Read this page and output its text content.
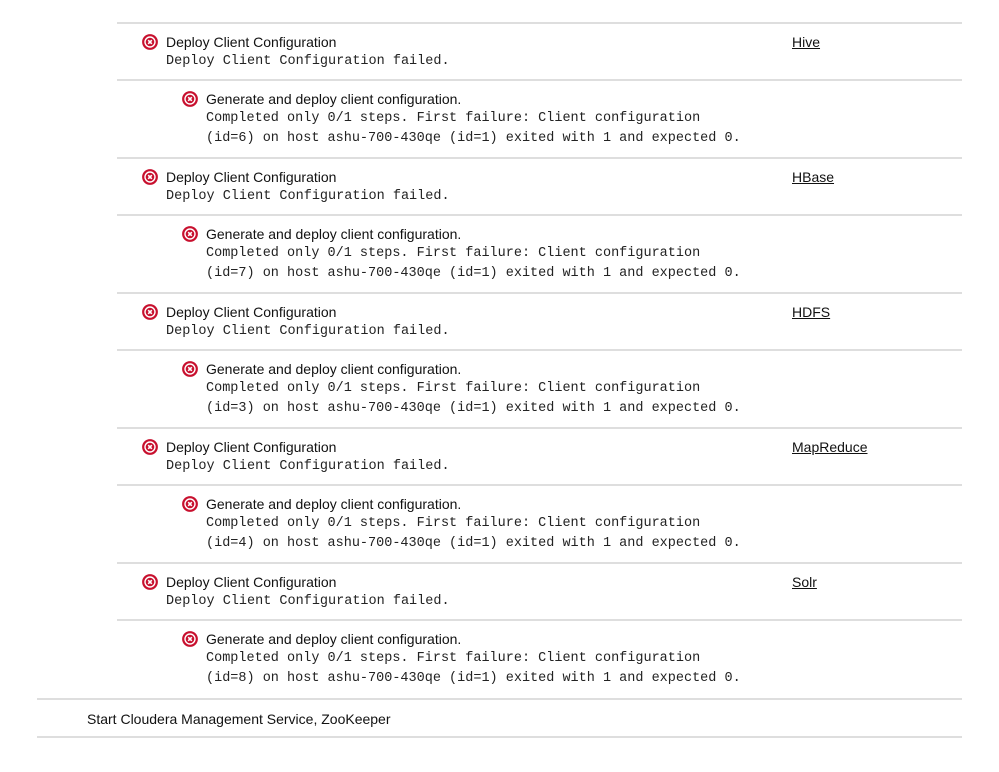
Deploy Client Configuration
Deploy Client Configuration failed.
Hive
Generate and deploy client configuration.
Completed only 0/1 steps. First failure: Client configuration
(id=6) on host ashu-700-430qe (id=1) exited with 1 and expected 0.
Deploy Client Configuration
Deploy Client Configuration failed.
HBase
Generate and deploy client configuration.
Completed only 0/1 steps. First failure: Client configuration
(id=7) on host ashu-700-430qe (id=1) exited with 1 and expected 0.
Deploy Client Configuration
Deploy Client Configuration failed.
HDFS
Generate and deploy client configuration.
Completed only 0/1 steps. First failure: Client configuration
(id=3) on host ashu-700-430qe (id=1) exited with 1 and expected 0.
Deploy Client Configuration
Deploy Client Configuration failed.
MapReduce
Generate and deploy client configuration.
Completed only 0/1 steps. First failure: Client configuration
(id=4) on host ashu-700-430qe (id=1) exited with 1 and expected 0.
Deploy Client Configuration
Deploy Client Configuration failed.
Solr
Generate and deploy client configuration.
Completed only 0/1 steps. First failure: Client configuration
(id=8) on host ashu-700-430qe (id=1) exited with 1 and expected 0.
Start Cloudera Management Service, ZooKeeper
